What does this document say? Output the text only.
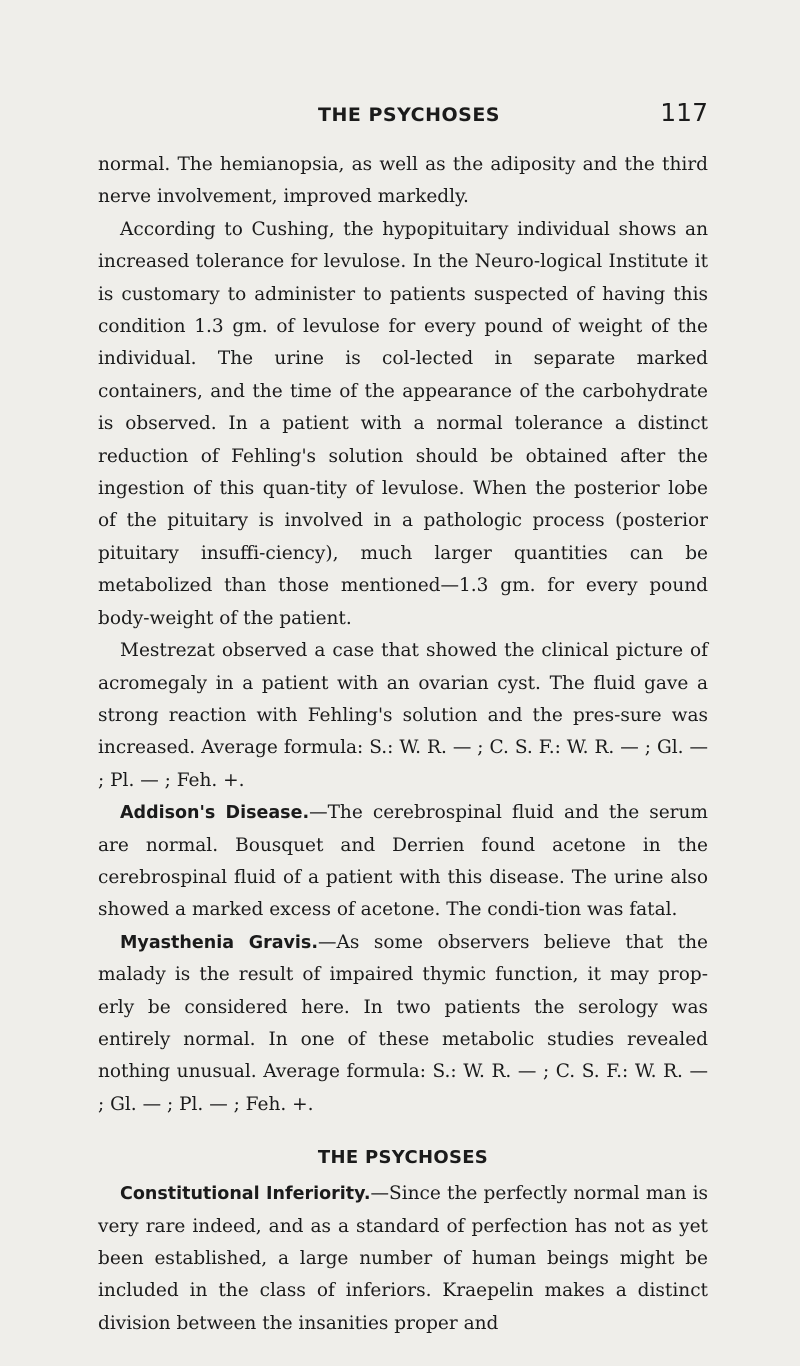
THE PSYCHOSES	117

normal. The hemianopsia, as well as the adiposity and the third nerve involvement, improved markedly.

According to Cushing, the hypopituitary individual shows an increased tolerance for levulose. In the Neuro-logical Institute it is customary to administer to patients suspected of having this condition 1.3 gm. of levulose for every pound of weight of the individual. The urine is col-lected in separate marked containers, and the time of the appearance of the carbohydrate is observed. In a patient with a normal tolerance a distinct reduction of Fehling's solution should be obtained after the ingestion of this quan-tity of levulose. When the posterior lobe of the pituitary is involved in a pathologic process (posterior pituitary insuffi-ciency), much larger quantities can be metabolized than those mentioned—1.3 gm. for every pound body-weight of the patient.

Mestrezat observed a case that showed the clinical picture of acromegaly in a patient with an ovarian cyst. The fluid gave a strong reaction with Fehling's solution and the pres-sure was increased. Average formula: S.: W. R. — ; C. S. F.: W. R. — ; Gl. — ; Pl. — ; Feh. +.

Addison's Disease.—The cerebrospinal fluid and the serum are normal. Bousquet and Derrien found acetone in the cerebrospinal fluid of a patient with this disease. The urine also showed a marked excess of acetone. The condi-tion was fatal.

Myasthenia Gravis.—As some observers believe that the malady is the result of impaired thymic function, it may prop-erly be considered here. In two patients the serology was entirely normal. In one of these metabolic studies revealed nothing unusual. Average formula: S.: W. R. — ; C. S. F.: W. R. — ; Gl. — ; Pl. — ; Feh. +.

THE PSYCHOSES

Constitutional Inferiority.—Since the perfectly normal man is very rare indeed, and as a standard of perfection has not as yet been established, a large number of human beings might be included in the class of inferiors. Kraepelin makes a distinct division between the insanities proper and
